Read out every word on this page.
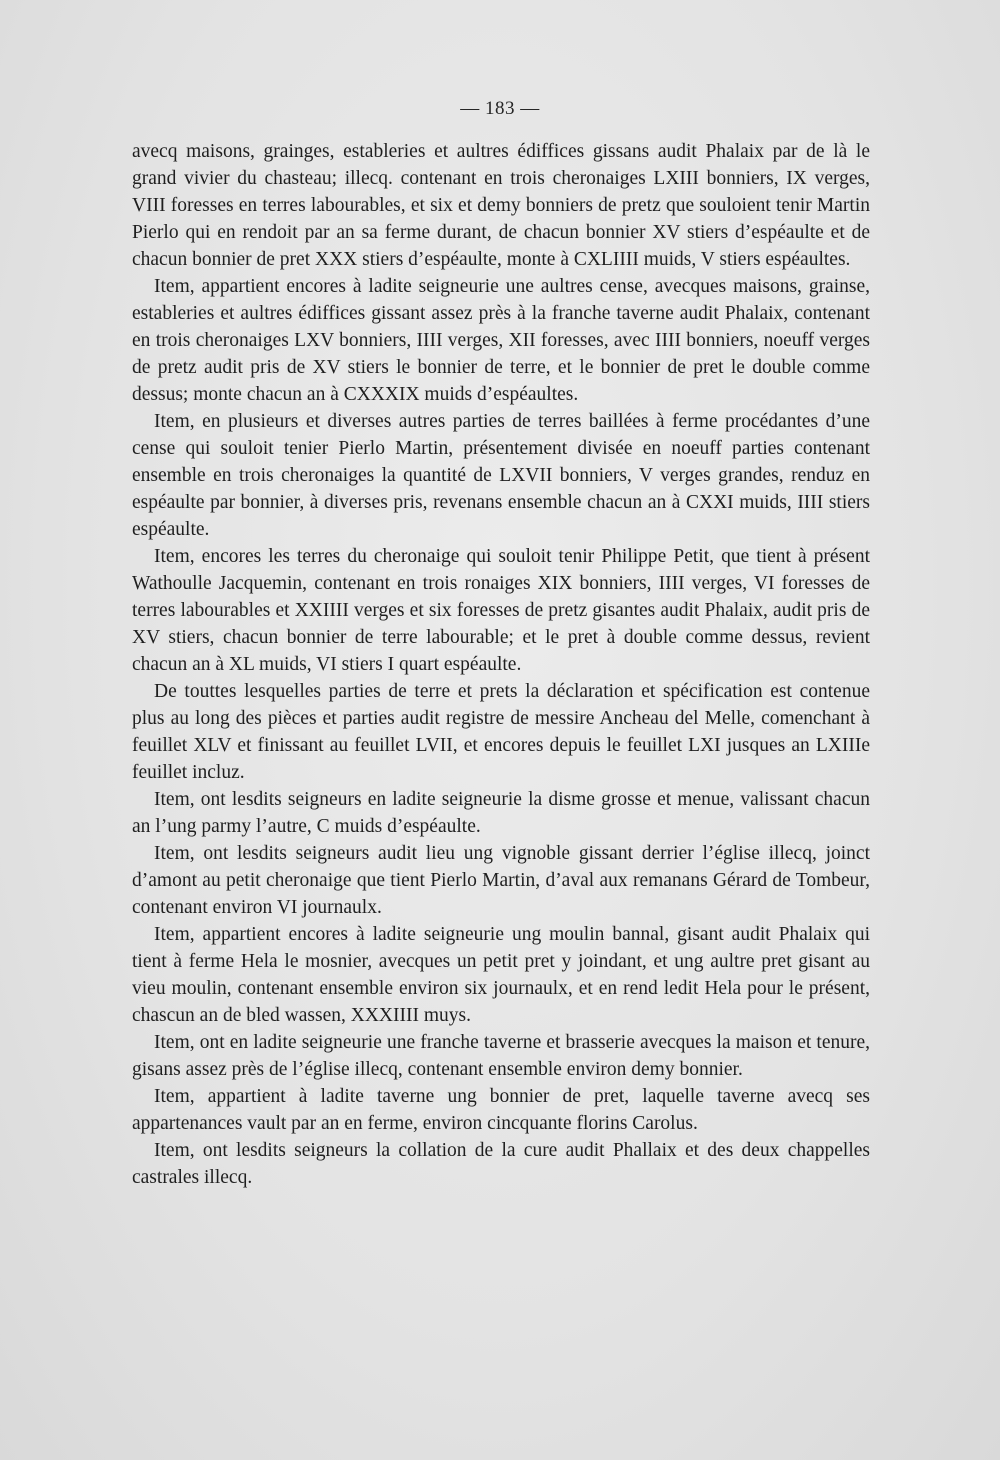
— 183 —

avecq maisons, grainges, estableries et aultres édiffices gissans audit Phalaix par de là le grand vivier du chasteau; illecq. contenant en trois cheronaiges LXIII bonniers, IX verges, VIII foresses en terres labourables, et six et demy bonniers de pretz que souloient tenir Martin Pierlo qui en rendoit par an sa ferme durant, de chacun bonnier XV stiers d’espéaulte et de chacun bonnier de pret XXX stiers d’espéaulte, monte à CXLIIII muids, V stiers espéaultes.

Item, appartient encores à ladite seigneurie une aultres cense, avecques maisons, grainse, estableries et aultres édiffices gissant assez près à la franche taverne audit Phalaix, contenant en trois cheronaiges LXV bonniers, IIII verges, XII foresses, avec IIII bonniers, noeuff verges de pretz audit pris de XV stiers le bonnier de terre, et le bonnier de pret le double comme dessus; monte chacun an à CXXXIX muids d’espéaultes.

Item, en plusieurs et diverses autres parties de terres baillées à ferme procédantes d’une cense qui souloit tenier Pierlo Martin, présentement divisée en noeuff parties contenant ensemble en trois cheronaiges la quantité de LXVII bonniers, V verges grandes, renduz en espéaulte par bonnier, à diverses pris, revenans ensemble chacun an à CXXI muids, IIII stiers espéaulte.

Item, encores les terres du cheronaige qui souloit tenir Philippe Petit, que tient à présent Wathoulle Jacquemin, contenant en trois ronaiges XIX bonniers, IIII verges, VI foresses de terres labourables et XXIIII verges et six foresses de pretz gisantes audit Phalaix, audit pris de XV stiers, chacun bonnier de terre labourable; et le pret à double comme dessus, revient chacun an à XL muids, VI stiers I quart espéaulte.

De touttes lesquelles parties de terre et prets la déclaration et spécification est contenue plus au long des pièces et parties audit registre de messire Ancheau del Melle, comenchant à feuillet XLV et finissant au feuillet LVII, et encores depuis le feuillet LXI jusques an LXIIIe feuillet incluz.

Item, ont lesdits seigneurs en ladite seigneurie la disme grosse et menue, valissant chacun an l’ung parmy l’autre, C muids d’espéaulte.

Item, ont lesdits seigneurs audit lieu ung vignoble gissant derrier l’église illecq, joinct d’amont au petit cheronaige que tient Pierlo Martin, d’aval aux remanans Gérard de Tombeur, contenant environ VI journaulx.

Item, appartient encores à ladite seigneurie ung moulin bannal, gisant audit Phalaix qui tient à ferme Hela le mosnier, avecques un petit pret y joindant, et ung aultre pret gisant au vieu moulin, contenant ensemble environ six journaulx, et en rend ledit Hela pour le présent, chascun an de bled wassen, XXXIIII muys.

Item, ont en ladite seigneurie une franche taverne et brasserie avecques la maison et tenure, gisans assez près de l’église illecq, contenant ensemble environ demy bonnier.

Item, appartient à ladite taverne ung bonnier de pret, laquelle taverne avecq ses appartenances vault par an en ferme, environ cincquante florins Carolus.

Item, ont lesdits seigneurs la collation de la cure audit Phallaix et des deux chappelles castrales illecq.
